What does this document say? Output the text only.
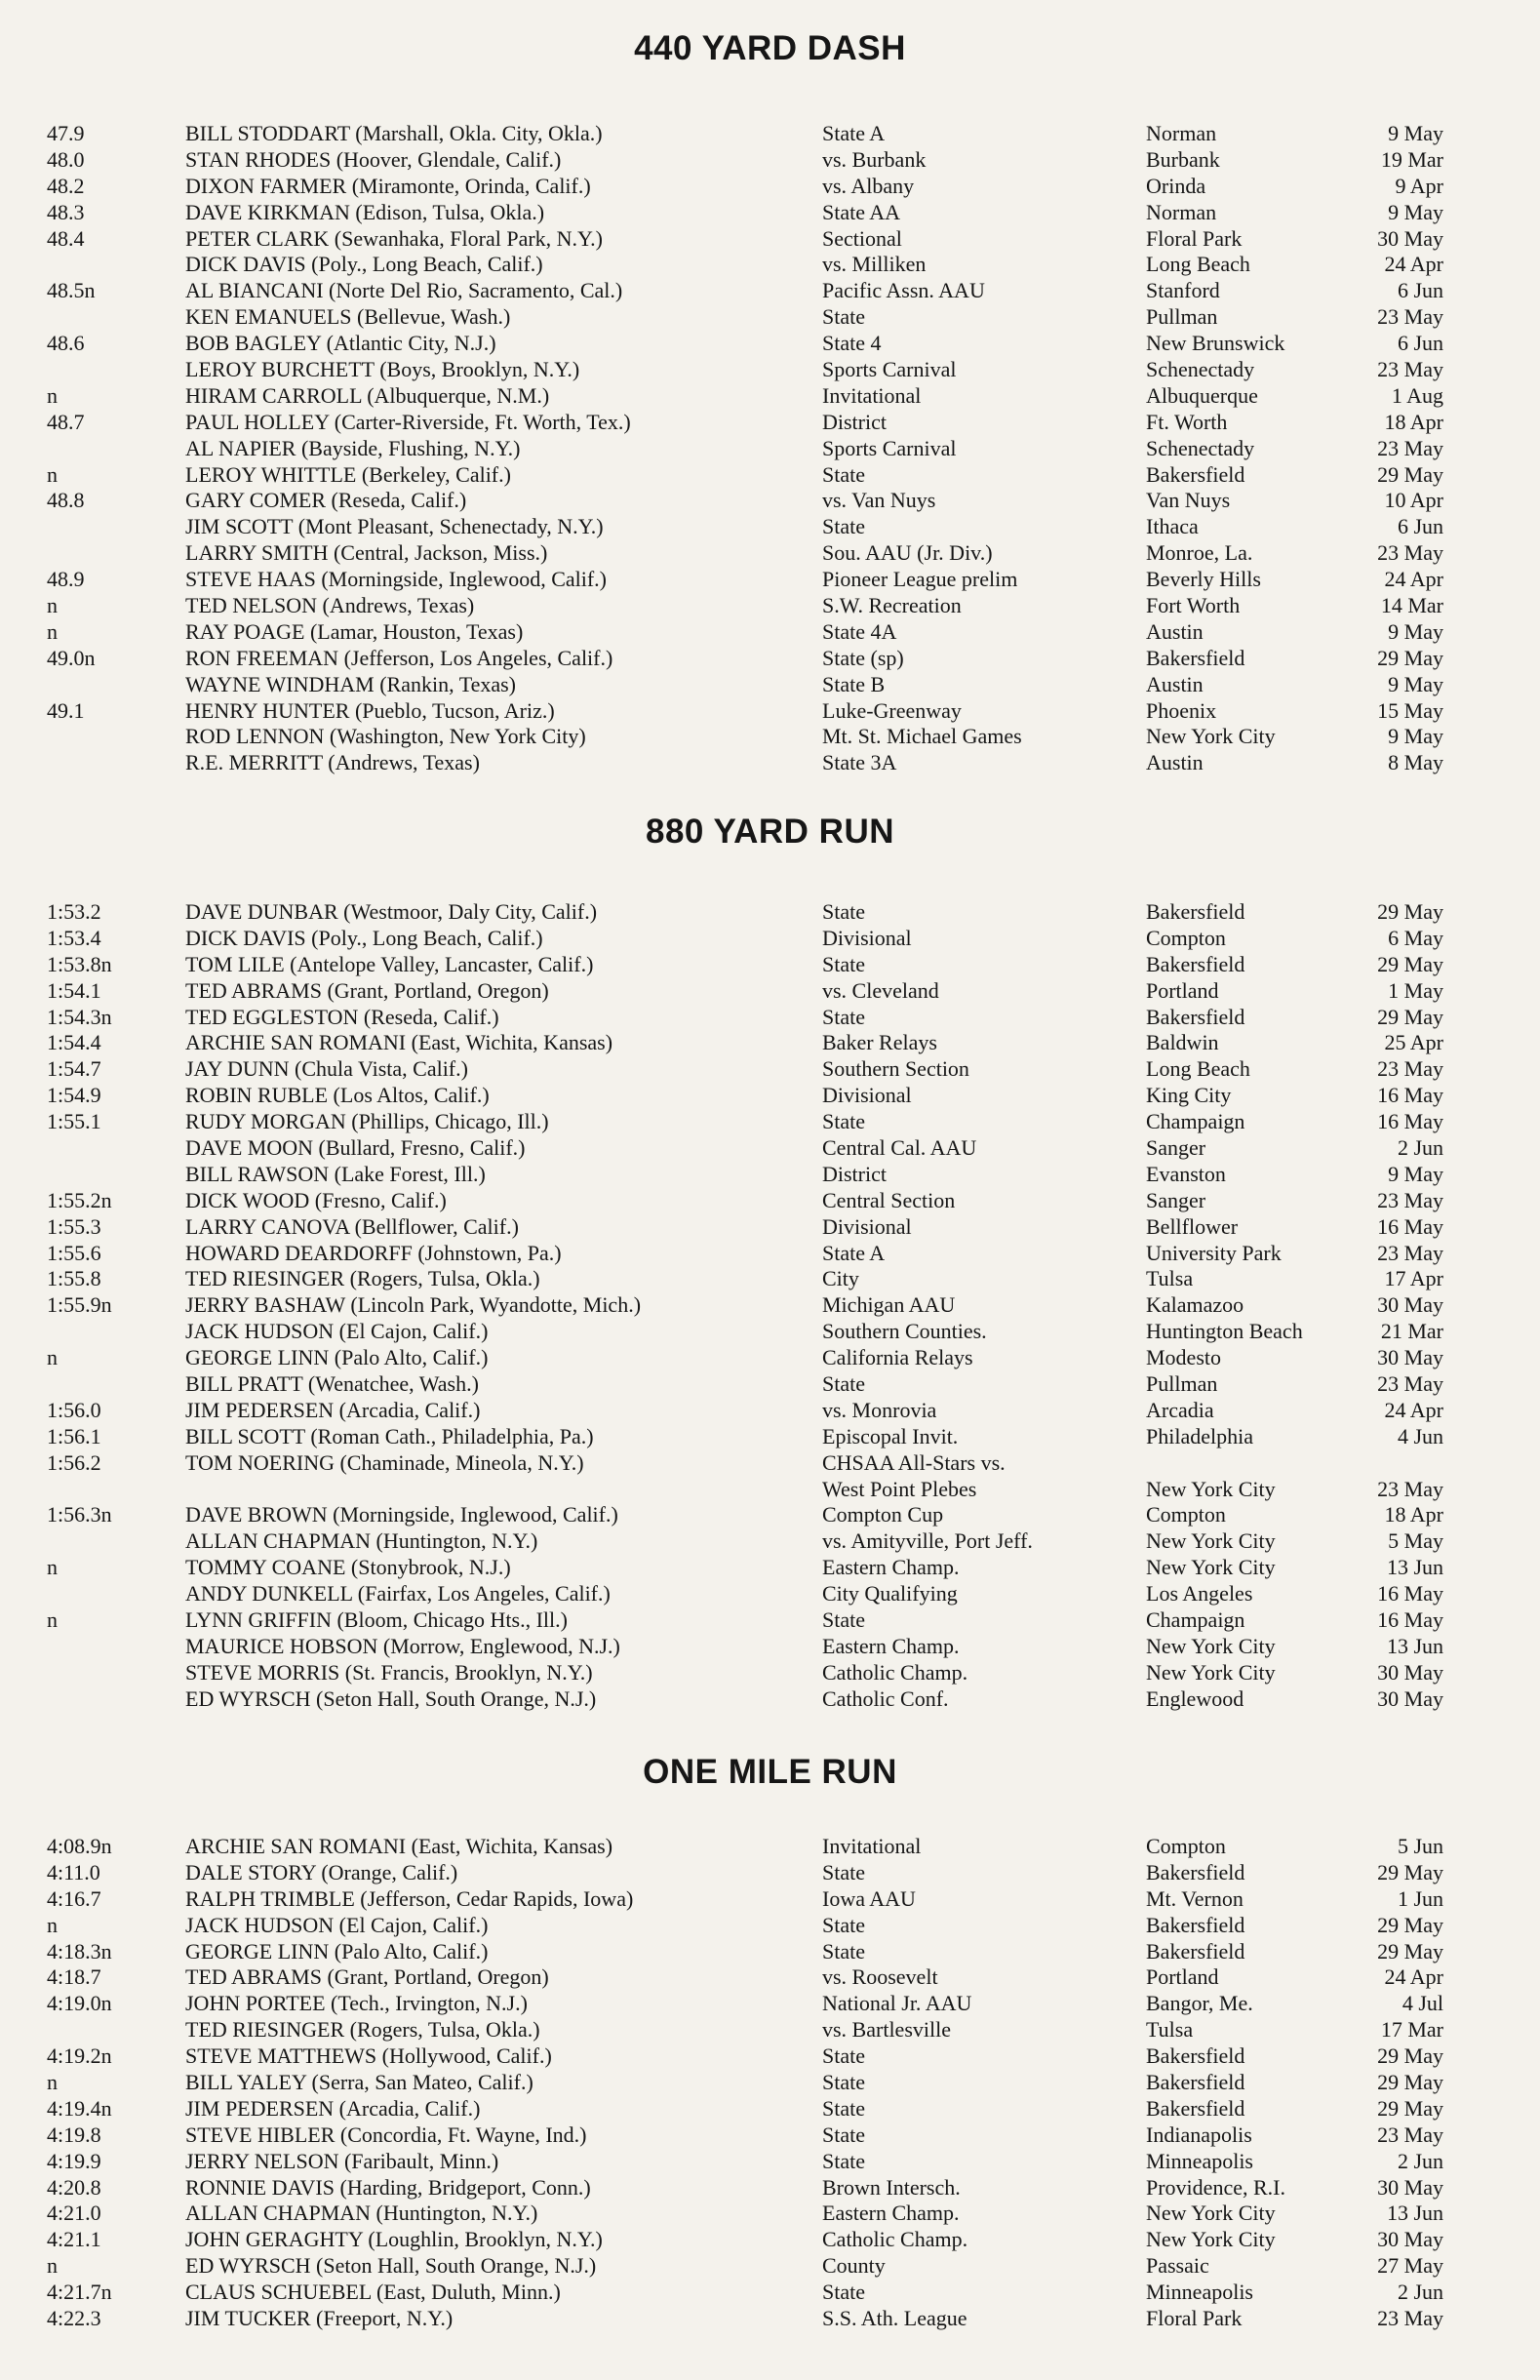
440 YARD DASH
47.9	BILL STODDART (Marshall, Okla. City, Okla.)	State A	Norman	9 May
48.0	STAN RHODES (Hoover, Glendale, Calif.)	vs. Burbank	Burbank	19 Mar
48.2	DIXON FARMER (Miramonte, Orinda, Calif.)	vs. Albany	Orinda	9 Apr
48.3	DAVE KIRKMAN (Edison, Tulsa, Okla.)	State AA	Norman	9 May
48.4	PETER CLARK (Sewanhaka, Floral Park, N.Y.)	Sectional	Floral Park	30 May
DICK DAVIS (Poly., Long Beach, Calif.)	vs. Milliken	Long Beach	24 Apr
48.5n	AL BIANCANI (Norte Del Rio, Sacramento, Cal.)	Pacific Assn. AAU	Stanford	6 Jun
KEN EMANUELS (Bellevue, Wash.)	State	Pullman	23 May
48.6	BOB BAGLEY (Atlantic City, N.J.)	State 4	New Brunswick	6 Jun
LEROY BURCHETT (Boys, Brooklyn, N.Y.)	Sports Carnival	Schenectady	23 May
n	HIRAM CARROLL (Albuquerque, N.M.)	Invitational	Albuquerque	1 Aug
48.7	PAUL HOLLEY (Carter-Riverside, Ft. Worth, Tex.)	District	Ft. Worth	18 Apr
AL NAPIER (Bayside, Flushing, N.Y.)	Sports Carnival	Schenectady	23 May
n	LEROY WHITTLE (Berkeley, Calif.)	State	Bakersfield	29 May
48.8	GARY COMER (Reseda, Calif.)	vs. Van Nuys	Van Nuys	10 Apr
JIM SCOTT (Mont Pleasant, Schenectady, N.Y.)	State	Ithaca	6 Jun
LARRY SMITH (Central, Jackson, Miss.)	Sou. AAU (Jr. Div.)	Monroe, La.	23 May
48.9	STEVE HAAS (Morningside, Inglewood, Calif.)	Pioneer League prelim	Beverly Hills	24 Apr
n	TED NELSON (Andrews, Texas)	S.W. Recreation	Fort Worth	14 Mar
n	RAY POAGE (Lamar, Houston, Texas)	State 4A	Austin	9 May
49.0n	RON FREEMAN (Jefferson, Los Angeles, Calif.)	State (sp)	Bakersfield	29 May
WAYNE WINDHAM (Rankin, Texas)	State B	Austin	9 May
49.1	HENRY HUNTER (Pueblo, Tucson, Ariz.)	Luke-Greenway	Phoenix	15 May
ROD LENNON (Washington, New York City)	Mt. St. Michael Games	New York City	9 May
R.E. MERRITT (Andrews, Texas)	State 3A	Austin	8 May
880 YARD RUN
1:53.2	DAVE DUNBAR (Westmoor, Daly City, Calif.)	State	Bakersfield	29 May
1:53.4	DICK DAVIS (Poly., Long Beach, Calif.)	Divisional	Compton	6 May
1:53.8n	TOM LILE (Antelope Valley, Lancaster, Calif.)	State	Bakersfield	29 May
1:54.1	TED ABRAMS (Grant, Portland, Oregon)	vs. Cleveland	Portland	1 May
1:54.3n	TED EGGLESTON (Reseda, Calif.)	State	Bakersfield	29 May
1:54.4	ARCHIE SAN ROMANI (East, Wichita, Kansas)	Baker Relays	Baldwin	25 Apr
1:54.7	JAY DUNN (Chula Vista, Calif.)	Southern Section	Long Beach	23 May
1:54.9	ROBIN RUBLE (Los Altos, Calif.)	Divisional	King City	16 May
1:55.1	RUDY MORGAN (Phillips, Chicago, Ill.)	State	Champaign	16 May
DAVE MOON (Bullard, Fresno, Calif.)	Central Cal. AAU	Sanger	2 Jun
BILL RAWSON (Lake Forest, Ill.)	District	Evanston	9 May
1:55.2n	DICK WOOD (Fresno, Calif.)	Central Section	Sanger	23 May
1:55.3	LARRY CANOVA (Bellflower, Calif.)	Divisional	Bellflower	16 May
1:55.6	HOWARD DEARDORFF (Johnstown, Pa.)	State A	University Park	23 May
1:55.8	TED RIESINGER (Rogers, Tulsa, Okla.)	City	Tulsa	17 Apr
1:55.9n	JERRY BASHAW (Lincoln Park, Wyandotte, Mich.)	Michigan AAU	Kalamazoo	30 May
JACK HUDSON (El Cajon, Calif.)	Southern Counties.	Huntington Beach	21 Mar
n	GEORGE LINN (Palo Alto, Calif.)	California Relays	Modesto	30 May
BILL PRATT (Wenatchee, Wash.)	State	Pullman	23 May
1:56.0	JIM PEDERSEN (Arcadia, Calif.)	vs. Monrovia	Arcadia	24 Apr
1:56.1	BILL SCOTT (Roman Cath., Philadelphia, Pa.)	Episcopal Invit.	Philadelphia	4 Jun
1:56.2	TOM NOERING (Chaminade, Mineola, N.Y.)	CHSAA All-Stars vs.
West Point Plebes	New York City	23 May
1:56.3n	DAVE BROWN (Morningside, Inglewood, Calif.)	Compton Cup	Compton	18 Apr
ALLAN CHAPMAN (Huntington, N.Y.)	vs. Amityville, Port Jeff.	New York City	5 May
n	TOMMY COANE (Stonybrook, N.J.)	Eastern Champ.	New York City	13 Jun
ANDY DUNKELL (Fairfax, Los Angeles, Calif.)	City Qualifying	Los Angeles	16 May
n	LYNN GRIFFIN (Bloom, Chicago Hts., Ill.)	State	Champaign	16 May
MAURICE HOBSON (Morrow, Englewood, N.J.)	Eastern Champ.	New York City	13 Jun
STEVE MORRIS (St. Francis, Brooklyn, N.Y.)	Catholic Champ.	New York City	30 May
ED WYRSCH (Seton Hall, South Orange, N.J.)	Catholic Conf.	Englewood	30 May
ONE MILE RUN
4:08.9n	ARCHIE SAN ROMANI (East, Wichita, Kansas)	Invitational	Compton	5 Jun
4:11.0	DALE STORY (Orange, Calif.)	State	Bakersfield	29 May
4:16.7	RALPH TRIMBLE (Jefferson, Cedar Rapids, Iowa)	Iowa AAU	Mt. Vernon	1 Jun
n	JACK HUDSON (El Cajon, Calif.)	State	Bakersfield	29 May
4:18.3n	GEORGE LINN (Palo Alto, Calif.)	State	Bakersfield	29 May
4:18.7	TED ABRAMS (Grant, Portland, Oregon)	vs. Roosevelt	Portland	24 Apr
4:19.0n	JOHN PORTEE (Tech., Irvington, N.J.)	National Jr. AAU	Bangor, Me.	4 Jul
TED RIESINGER (Rogers, Tulsa, Okla.)	vs. Bartlesville	Tulsa	17 Mar
4:19.2n	STEVE MATTHEWS (Hollywood, Calif.)	State	Bakersfield	29 May
n	BILL YALEY (Serra, San Mateo, Calif.)	State	Bakersfield	29 May
4:19.4n	JIM PEDERSEN (Arcadia, Calif.)	State	Bakersfield	29 May
4:19.8	STEVE HIBLER (Concordia, Ft. Wayne, Ind.)	State	Indianapolis	23 May
4:19.9	JERRY NELSON (Faribault, Minn.)	State	Minneapolis	2 Jun
4:20.8	RONNIE DAVIS (Harding, Bridgeport, Conn.)	Brown Intersch.	Providence, R.I.	30 May
4:21.0	ALLAN CHAPMAN (Huntington, N.Y.)	Eastern Champ.	New York City	13 Jun
4:21.1	JOHN GERAGHTY (Loughlin, Brooklyn, N.Y.)	Catholic Champ.	New York City	30 May
n	ED WYRSCH (Seton Hall, South Orange, N.J.)	County	Passaic	27 May
4:21.7n	CLAUS SCHUEBEL (East, Duluth, Minn.)	State	Minneapolis	2 Jun
4:22.3	JIM TUCKER (Freeport, N.Y.)	S.S. Ath. League	Floral Park	23 May
